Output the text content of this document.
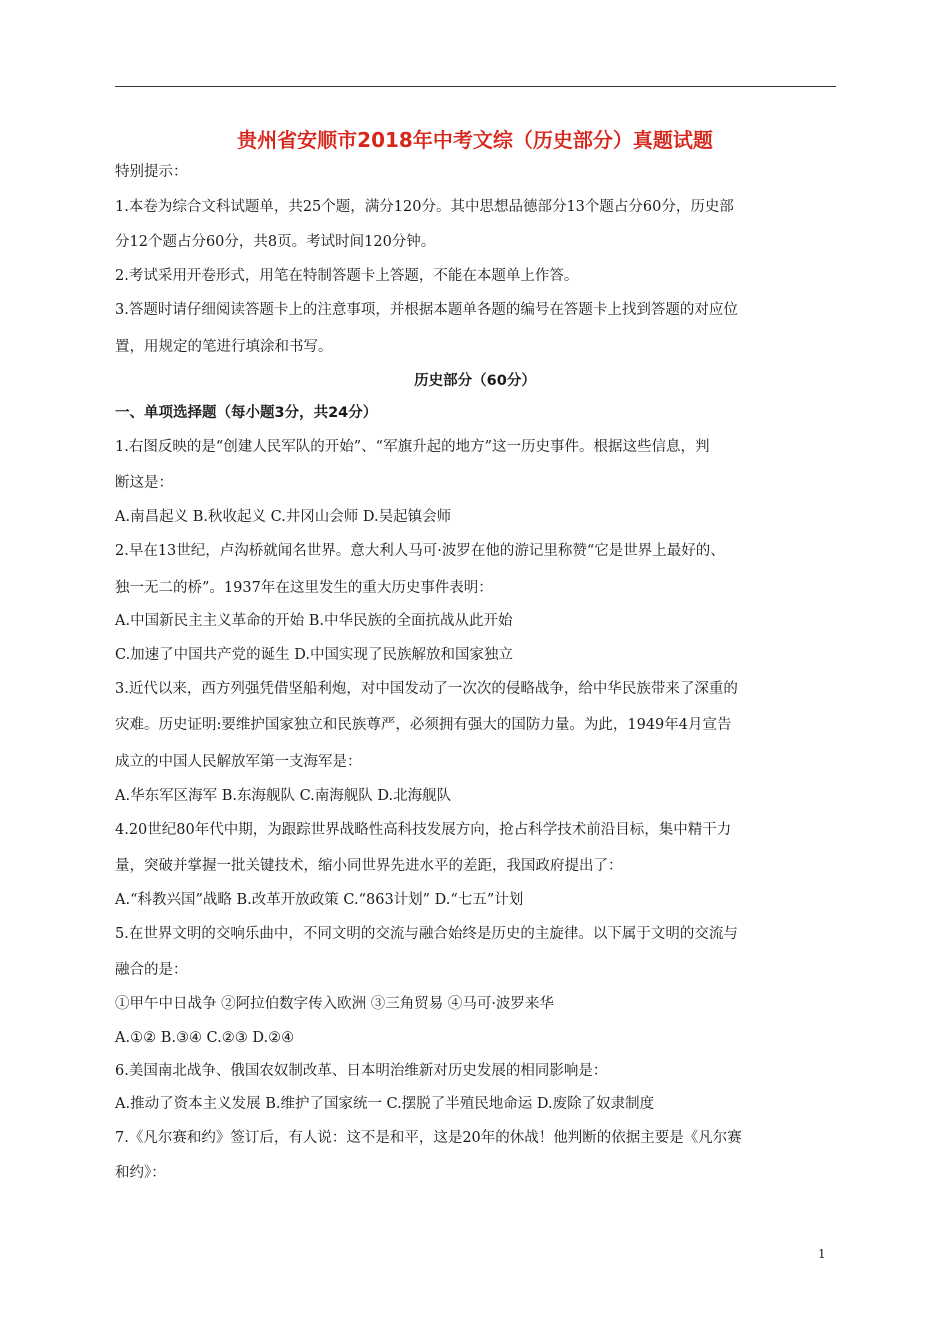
贵州省安顺市2018年中考文综（历史部分）真题试题
特别提示：
1.本卷为综合文科试题单，共25个题，满分120分。其中思想品德部分13个题占分60分，历史部
分12个题占分60分，共8页。考试时间120分钟。
2.考试采用开卷形式，用笔在特制答题卡上答题，不能在本题单上作答。
3.答题时请仔细阅读答题卡上的注意事项，并根据本题单各题的编号在答题卡上找到答题的对应位
置，用规定的笔进行填涂和书写。
历史部分（60分）
一、单项选择题（每小题3分，共24分）
1.右图反映的是“创建人民军队的开始”、“军旗升起的地方”这一历史事件。根据这些信息，判
断这是：
A.南昌起义 B.秋收起义 C.井冈山会师 D.吴起镇会师
2.早在13世纪，卢沟桥就闻名世界。意大利人马可·波罗在他的游记里称赞“它是世界上最好的、
独一无二的桥”。1937年在这里发生的重大历史事件表明：
A.中国新民主主义革命的开始 B.中华民族的全面抗战从此开始
C.加速了中国共产党的诞生 D.中国实现了民族解放和国家独立
3.近代以来，西方列强凭借坚船利炮，对中国发动了一次次的侵略战争，给中华民族带来了深重的
灾难。历史证明:要维护国家独立和民族尊严，必须拥有强大的国防力量。为此，1949年4月宣告
成立的中国人民解放军第一支海军是：
A.华东军区海军 B.东海舰队 C.南海舰队 D.北海舰队
4.20世纪80年代中期，为跟踪世界战略性高科技发展方向，抢占科学技术前沿目标，集中精干力
量，突破并掌握一批关键技术，缩小同世界先进水平的差距，我国政府提出了：
A.“科教兴国”战略 B.改革开放政策 C.“863计划” D.“七五”计划
5.在世界文明的交响乐曲中，不同文明的交流与融合始终是历史的主旋律。以下属于文明的交流与
融合的是：
①甲午中日战争 ②阿拉伯数字传入欧洲 ③三角贸易 ④马可·波罗来华
A.①② B.③④ C.②③ D.②④
6.美国南北战争、俄国农奴制改革、日本明治维新对历史发展的相同影响是：
A.推动了资本主义发展 B.维护了国家统一 C.摆脱了半殖民地命运 D.废除了奴隶制度
7.《凡尔赛和约》签订后，有人说：这不是和平，这是20年的休战！他判断的依据主要是《凡尔赛
和约》：
1
